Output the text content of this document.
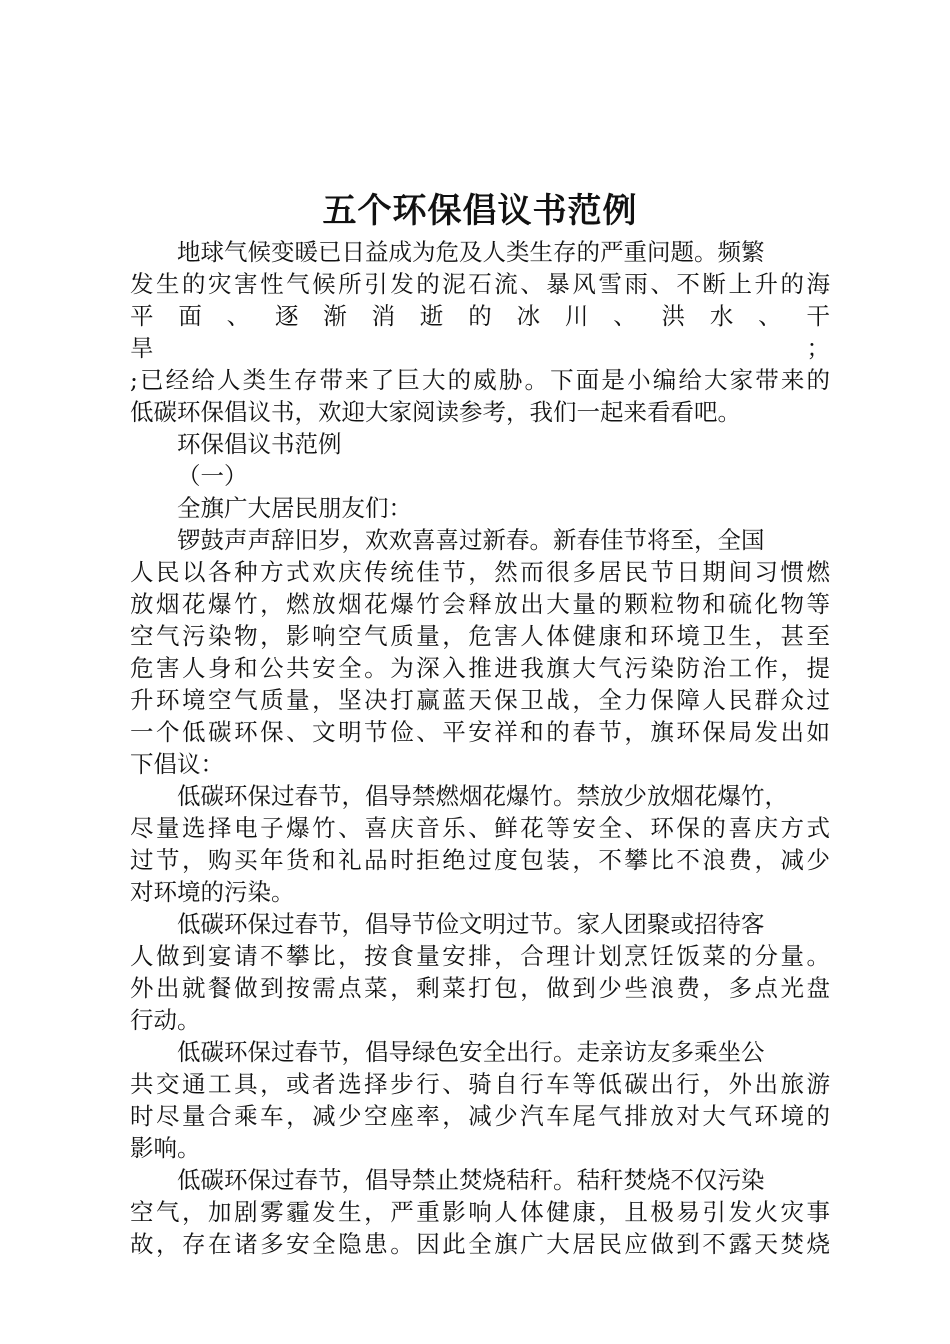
五个环保倡议书范例

地球气候变暖已日益成为危及人类生存的严重问题。频繁
发生的灾害性气候所引发的泥石流、暴风雪雨、不断上升的海
平面、逐渐消逝的冰川、洪水、干旱　　　　　　　　　　　　　　　　　　　　；
;已经给人类生存带来了巨大的威胁。下面是小编给大家带来的
低碳环保倡议书，欢迎大家阅读参考，我们一起来看看吧。

环保倡议书范例

（一）

全旗广大居民朋友们：

锣鼓声声辞旧岁，欢欢喜喜过新春。新春佳节将至，全国
人民以各种方式欢庆传统佳节，然而很多居民节日期间习惯燃
放烟花爆竹，燃放烟花爆竹会释放出大量的颗粒物和硫化物等
空气污染物，影响空气质量，危害人体健康和环境卫生，甚至
危害人身和公共安全。为深入推进我旗大气污染防治工作，提
升环境空气质量，坚决打赢蓝天保卫战，全力保障人民群众过
一个低碳环保、文明节俭、平安祥和的春节，旗环保局发出如
下倡议：

低碳环保过春节，倡导禁燃烟花爆竹。禁放少放烟花爆竹，
尽量选择电子爆竹、喜庆音乐、鲜花等安全、环保的喜庆方式
过节，购买年货和礼品时拒绝过度包装，不攀比不浪费，减少
对环境的污染。

低碳环保过春节，倡导节俭文明过节。家人团聚或招待客
人做到宴请不攀比，按食量安排，合理计划烹饪饭菜的分量。
外出就餐做到按需点菜，剩菜打包，做到少些浪费，多点光盘
行动。

低碳环保过春节，倡导绿色安全出行。走亲访友多乘坐公
共交通工具，或者选择步行、骑自行车等低碳出行，外出旅游
时尽量合乘车，减少空座率，减少汽车尾气排放对大气环境的
影响。

低碳环保过春节，倡导禁止焚烧秸秆。秸秆焚烧不仅污染
空气，加剧雾霾发生，严重影响人体健康，且极易引发火灾事
故，存在诸多安全隐患。因此全旗广大居民应做到不露天焚烧
